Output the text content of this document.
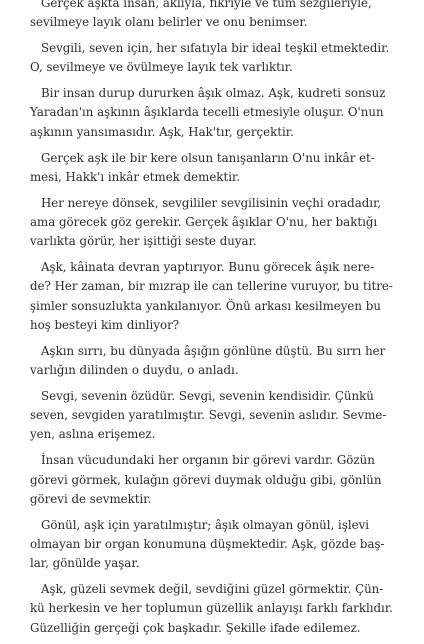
Gerçek aşkta insan, aklıyla, fikriyle ve tüm sezgileriyle,
sevilmeye layık olanı belirler ve onu benimser.

Sevgili, seven için, her sıfatıyla bir ideal teşkil etmektedir.
O, sevilmeye ve övülmeye layık tek varlıktır.

Bir insan durup dururken âşık olmaz. Aşk, kudreti sonsuz
Yaradan'ın aşkının âşıklarda tecelli etmesiyle oluşur. O'nun
aşkının yansımasıdır. Aşk, Hak'tır, gerçektir.

Gerçek aşk ile bir kere olsun tanışanların O'nu inkâr et-
mesi, Hakk'ı inkâr etmek demektir.

Her nereye dönsek, sevgililer sevgilisinin veçhi oradadır,
ama görecek göz gerekir. Gerçek âşıklar O'nu, her baktığı
varlıkta görür, her işittiği seste duyar.

Aşk, kâinata devran yaptırıyor. Bunu görecek âşık nere-
de? Her zaman, bir mızrap ile can tellerine vuruyor, bu titre-
şimler sonsuzlukta yankılanıyor. Önü arkası kesilmeyen bu
hoş besteyi kim dinliyor?

Aşkın sırrı, bu dünyada âşığın gönlüne düştü. Bu sırrı her
varlığın dilinden o duydu, o anladı.

Sevgi, sevenin özüdür. Sevgi, sevenin kendisidir. Çünkü
seven, sevgiden yaratılmıştır. Sevgi, sevenin aslıdır. Sevme-
yen, aslına erişemez.

İnsan vücudundaki her organın bir görevi vardır. Gözün
görevi görmek, kulağın görevi duymak olduğu gibi, gönlün
görevi de sevmektir.

Gönül, aşk için yaratılmıştır; âşık olmayan gönül, işlevi
olmayan bir organ konumuna düşmektedir. Aşk, gözde baş-
lar, gönülde yaşar.

Aşk, güzeli sevmek değil, sevdiğini güzel görmektir. Çün-
kü herkesin ve her toplumun güzellik anlayışı farklı farklıdır.
Güzelliğin gerçeği çok başkadır. Şekille ifade edilemez.
